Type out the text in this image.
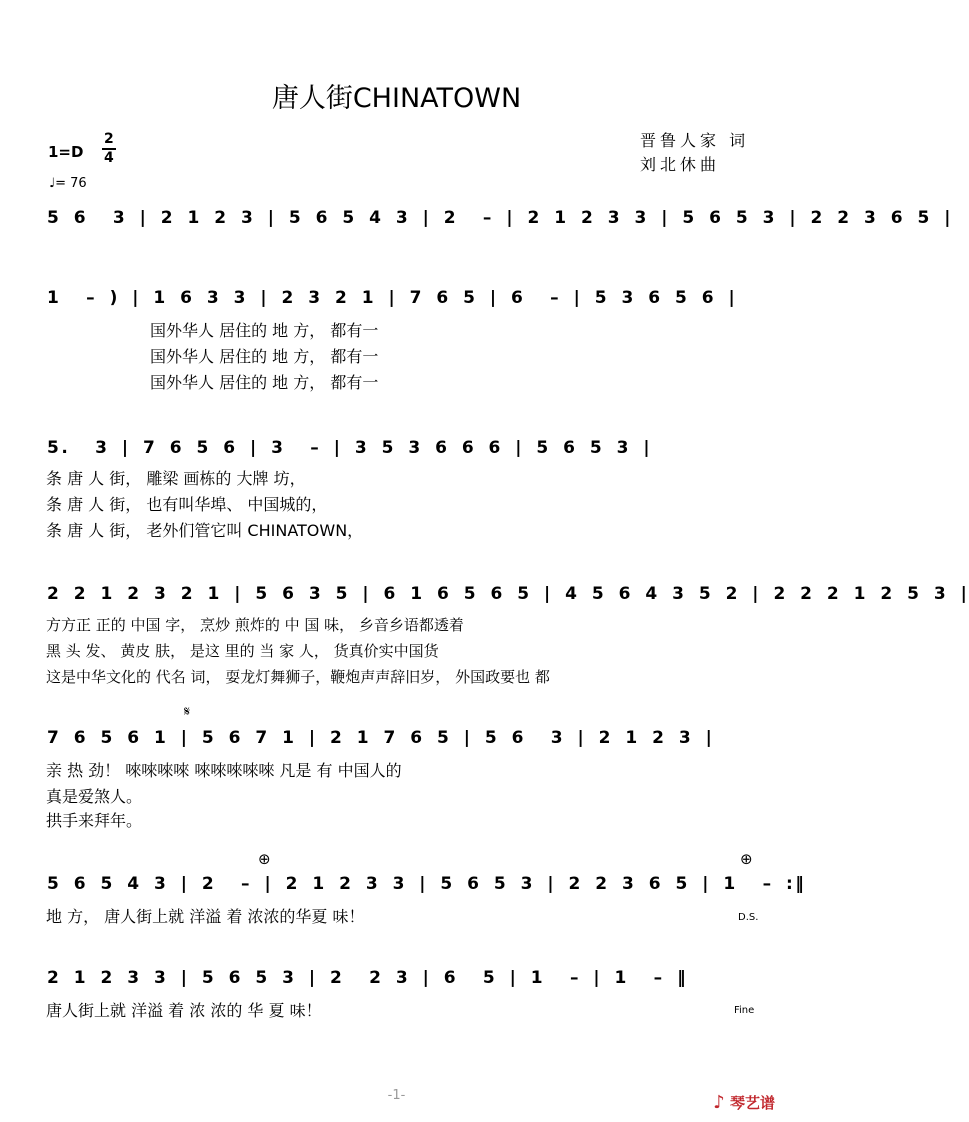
唐人街CHINATOWN
晋鲁人家 词
刘北休曲
1=D
2
4
♩= 76
5 6  3 | 2 1 2 3 | 5 6 5 4 3 | 2  – | 2 1 2 3 3 | 5 6 5 3 | 2 2 3 6 5 |
1  – ) | 1 6 3 3 | 2 3 2 1 | 7 6 5 | 6  – | 5 3 6 5 6 |
国外华人 居住的 地 方， 都有一
国外华人 居住的 地 方， 都有一
国外华人 居住的 地 方， 都有一
5.  3 | 7 6 5 6 | 3  – | 3 5 3 6 6 6 | 5 6 5 3 |
条 唐 人 街， 雕梁 画栋的 大牌 坊，
条 唐 人 街， 也有叫华埠、 中国城的，
条 唐 人 街， 老外们管它叫 CHINATOWN，
2 2 1 2 3 2 1 | 5 6 3 5 | 6 1 6 5 6 5 | 4 5 6 4 3 5 2 | 2 2 2 1 2 5 3 |
方方正 正的 中国 字， 烹炒 煎炸的 中 国 味， 乡音乡语都透着
黑 头 发、 黄皮 肤， 是这 里的 当 家 人， 货真价实中国货
这是中华文化的 代名 词， 耍龙灯舞狮子，鞭炮声声辞旧岁， 外国政要也 都
𝄋
7 6 5 6 1 | 5 6 7 1 | 2 1 7 6 5 | 5 6  3 | 2 1 2 3 |
亲 热 劲！ 唻唻唻唻 唻唻唻唻唻 凡是 有 中国人的
真是爱煞人。
拱手来拜年。
⊕	⊕
5 6 5 4 3 | 2  – | 2 1 2 3 3 | 5 6 5 3 | 2 2 3 6 5 | 1  – :‖
地 方， 唐人街上就 洋溢 着 浓浓的华夏 味！	D.S.
2 1 2 3 3 | 5 6 5 3 | 2  2 3 | 6  5 | 1  – | 1  – ‖
唐人街上就 洋溢 着 浓 浓的 华 夏 味！	Fine
-1-	♪ 琴艺谱
